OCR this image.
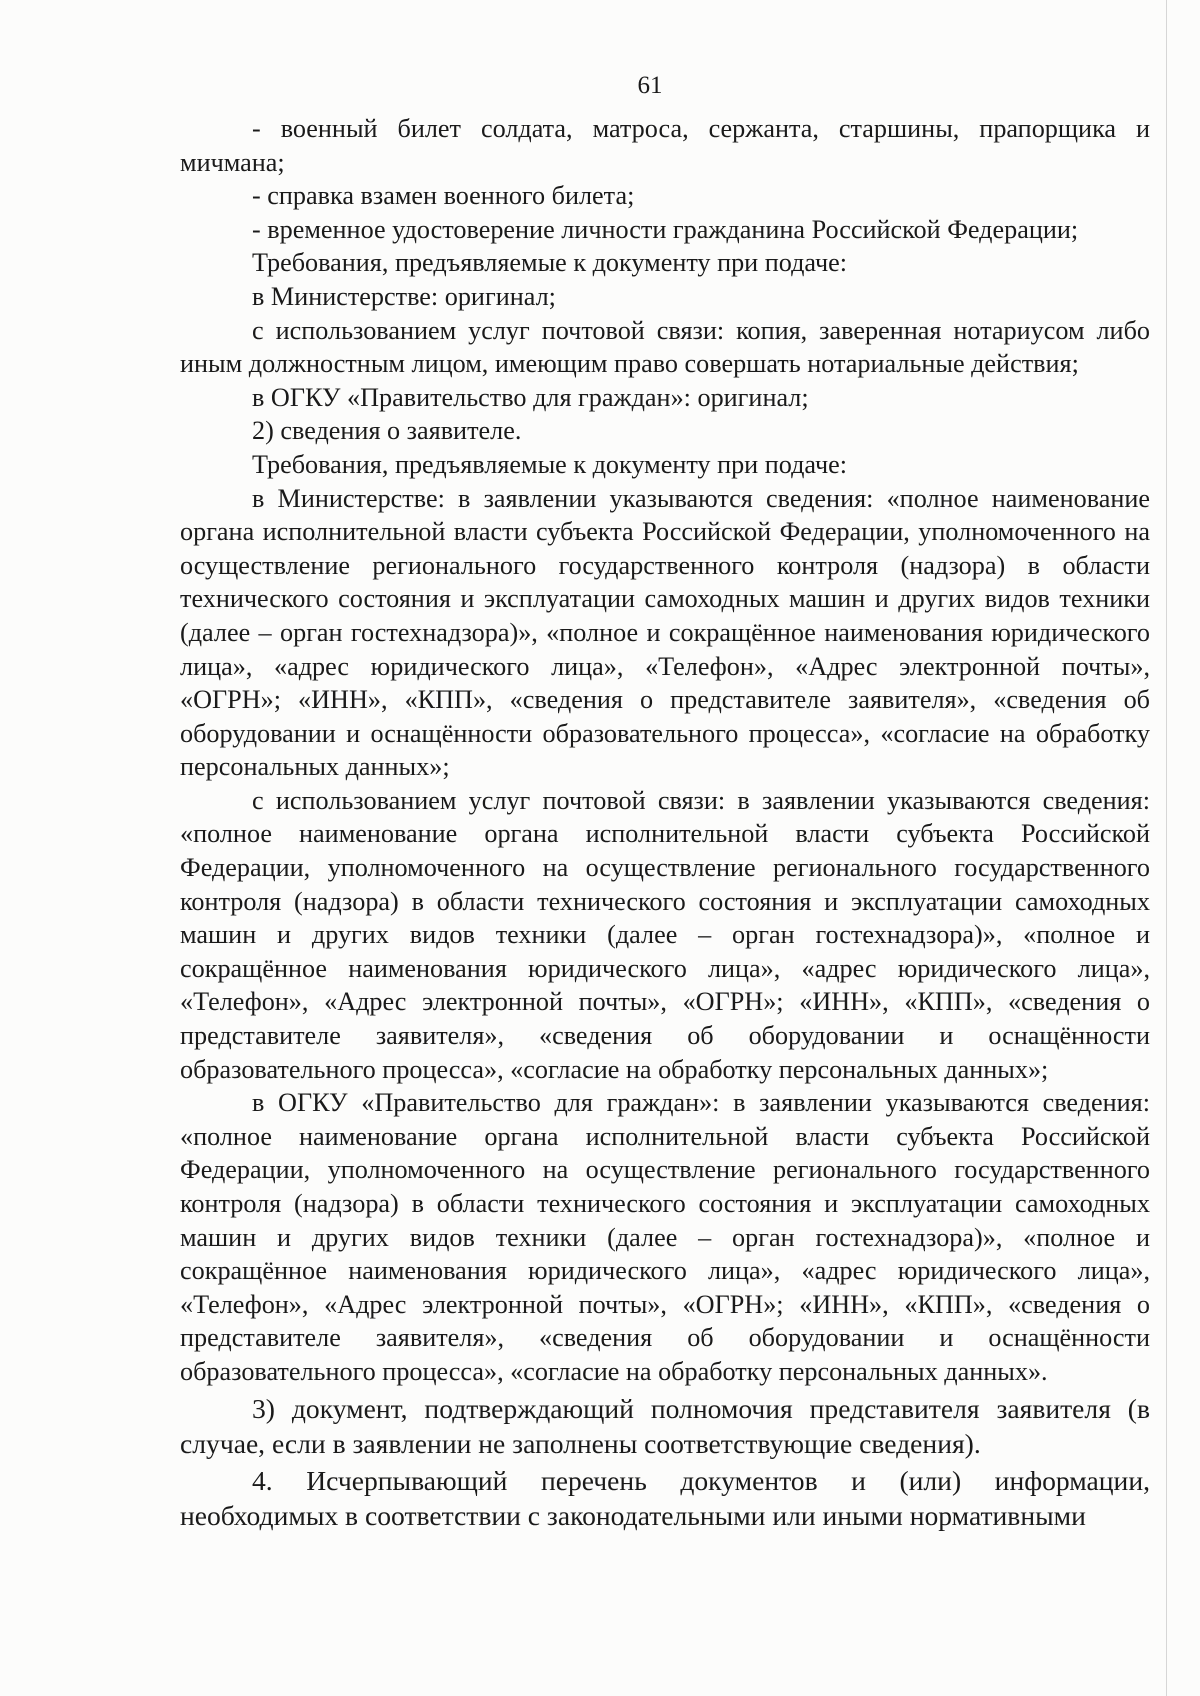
61

- военный билет солдата, матроса, сержанта, старшины, прапорщика и мичмана;

- справка взамен военного билета;

- временное удостоверение личности гражданина Российской Федерации;

Требования, предъявляемые к документу при подаче:

в Министерстве: оригинал;

с использованием услуг почтовой связи: копия, заверенная нотариусом либо иным должностным лицом, имеющим право совершать нотариальные действия;

в ОГКУ «Правительство для граждан»: оригинал;

2) сведения о заявителе.

Требования, предъявляемые к документу при подаче:

в Министерстве: в заявлении указываются сведения: «полное наименование органа исполнительной власти субъекта Российской Федерации, уполномоченного на осуществление регионального государственного контроля (надзора) в области технического состояния и эксплуатации самоходных машин и других видов техники (далее – орган гостехнадзора)», «полное и сокращённое наименования юридического лица», «адрес юридического лица», «Телефон», «Адрес электронной почты», «ОГРН»; «ИНН», «КПП», «сведения о представителе заявителя», «сведения об оборудовании и оснащённости образовательного процесса», «согласие на обработку персональных данных»;

с использованием услуг почтовой связи: в заявлении указываются сведения: «полное наименование органа исполнительной власти субъекта Российской Федерации, уполномоченного на осуществление регионального государственного контроля (надзора) в области технического состояния и эксплуатации самоходных машин и других видов техники (далее – орган гостехнадзора)», «полное и сокращённое наименования юридического лица», «адрес юридического лица», «Телефон», «Адрес электронной почты», «ОГРН»; «ИНН», «КПП», «сведения о представителе заявителя», «сведения об оборудовании и оснащённости образовательного процесса», «согласие на обработку персональных данных»;

в ОГКУ «Правительство для граждан»: в заявлении указываются сведения: «полное наименование органа исполнительной власти субъекта Российской Федерации, уполномоченного на осуществление регионального государственного контроля (надзора) в области технического состояния и эксплуатации самоходных машин и других видов техники (далее – орган гостехнадзора)», «полное и сокращённое наименования юридического лица», «адрес юридического лица», «Телефон», «Адрес электронной почты», «ОГРН»; «ИНН», «КПП», «сведения о представителе заявителя», «сведения об оборудовании и оснащённости образовательного процесса», «согласие на обработку персональных данных».

3) документ, подтверждающий полномочия представителя заявителя (в случае, если в заявлении не заполнены соответствующие сведения).

4. Исчерпывающий перечень документов и (или) информации, необходимых в соответствии с законодательными или иными нормативными
